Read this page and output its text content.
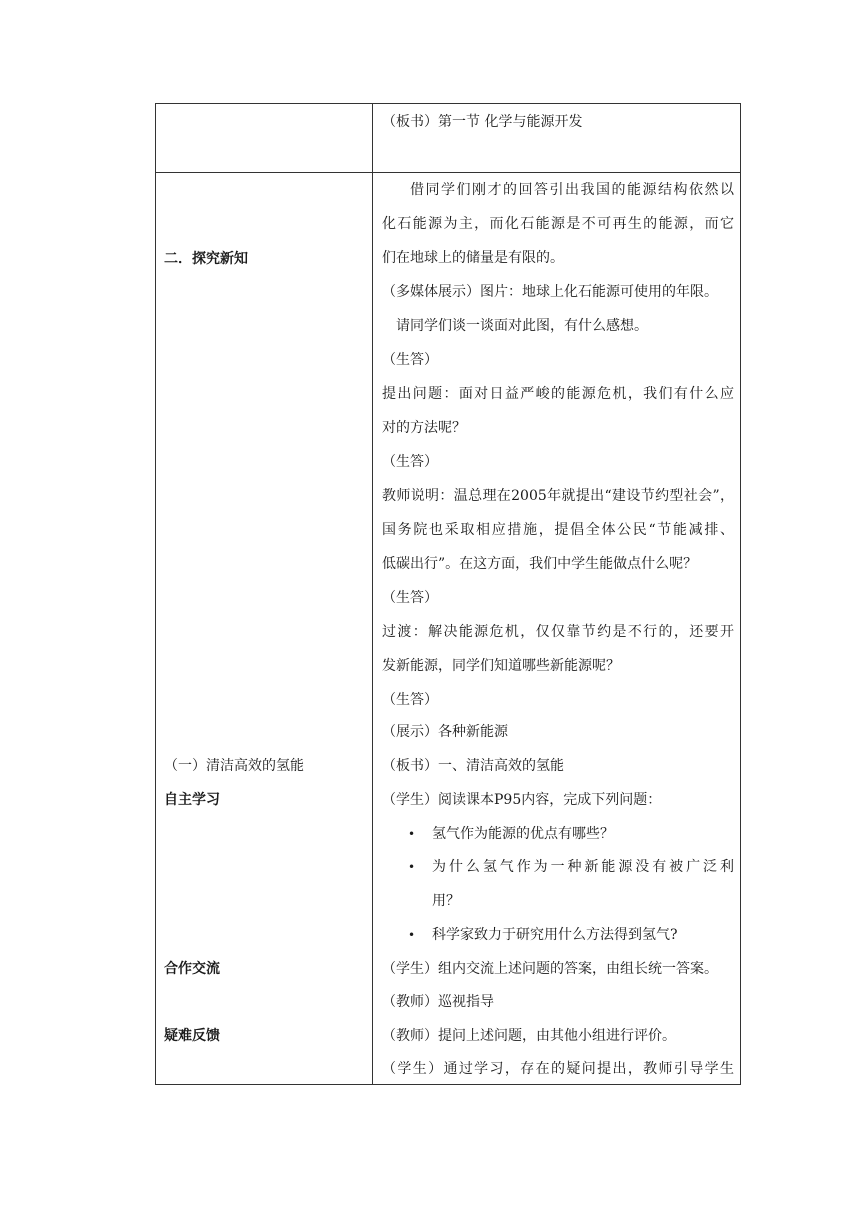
（板书）第一节 化学与能源开发
二．探究新知
（一）清洁高效的氢能
自主学习
合作交流
疑难反馈
借同学们刚才的回答引出我国的能源结构依然以
化石能源为主，而化石能源是不可再生的能源，而它
们在地球上的储量是有限的。
（多媒体展示）图片：地球上化石能源可使用的年限。
请同学们谈一谈面对此图，有什么感想。
（生答）
提出问题：面对日益严峻的能源危机，我们有什么应
对的方法呢？
（生答）
教师说明：温总理在2005年就提出“建设节约型社会”，
国务院也采取相应措施，提倡全体公民“节能减排、
低碳出行”。在这方面，我们中学生能做点什么呢？
（生答）
过渡：解决能源危机，仅仅靠节约是不行的，还要开
发新能源，同学们知道哪些新能源呢？
（生答）
（展示）各种新能源
（板书）一、清洁高效的氢能
（学生）阅读课本P95内容，完成下列问题：
• 氢气作为能源的优点有哪些？
• 为什么氢气作为一种新能源没有被广泛利
用？
• 科学家致力于研究用什么方法得到氢气?
（学生）组内交流上述问题的答案，由组长统一答案。
（教师）巡视指导
（教师）提问上述问题，由其他小组进行评价。
（学生）通过学习，存在的疑问提出，教师引导学生
